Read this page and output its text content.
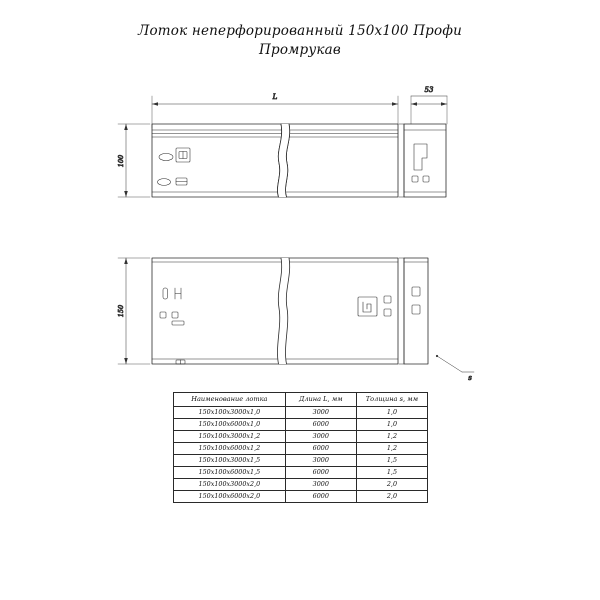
Лоток неперфорированный 150х100 Профи
Промрукав
L
53
100
150
s
Наименование лотка	Длина L, мм	Толщина s, мм
150х100х3000х1,0	3000	1,0
150х100х6000х1,0	6000	1,0
150х100х3000х1,2	3000	1,2
150х100х6000х1,2	6000	1,2
150х100х3000х1,5	3000	1,5
150х100х6000х1,5	6000	1,5
150х100х3000х2,0	3000	2,0
150х100х6000х2,0	6000	2,0
